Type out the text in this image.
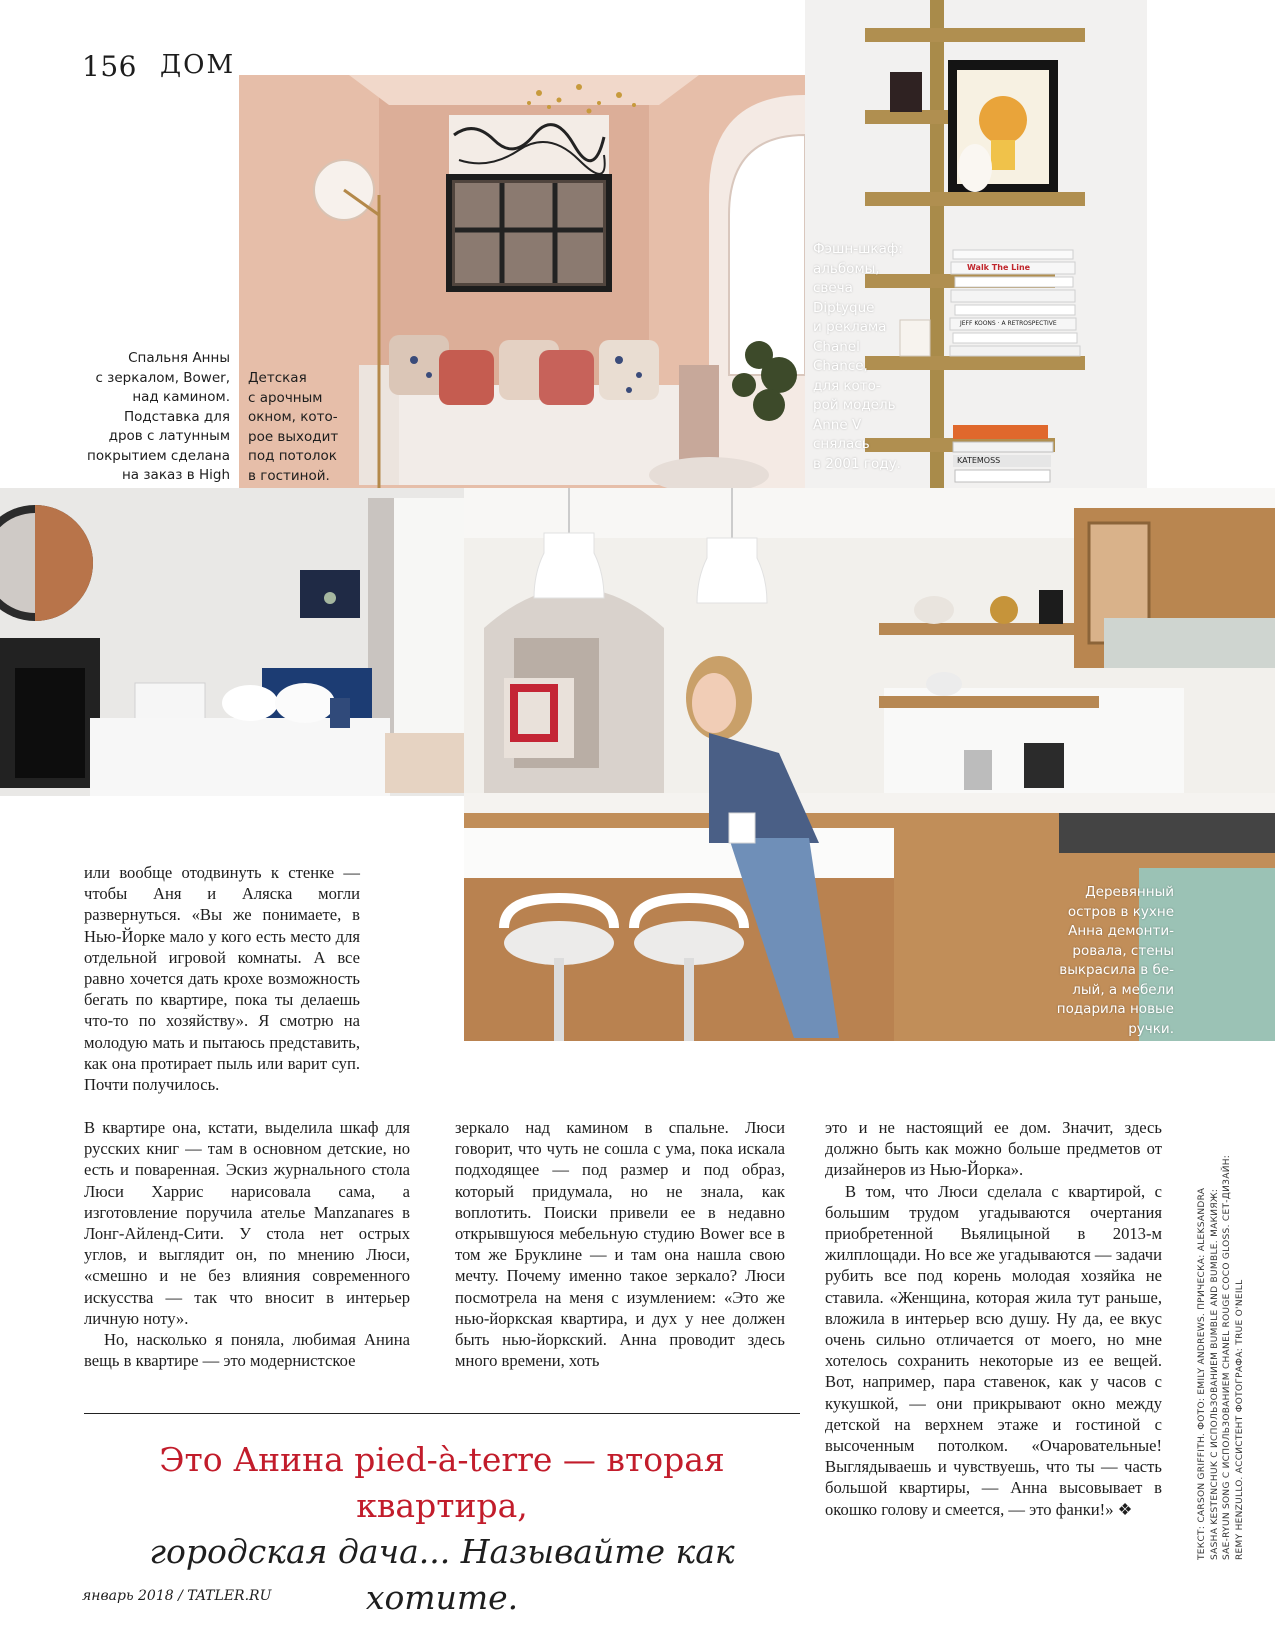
156 ДОМ
Спальня Анны
с зеркалом, Bower,
над камином.
Подставка для
дров с латунным
покрытием сделана
на заказ в High
Детская
с арочным
окном, кото-
рое выходит
под потолок
в гостиной.
Walk The Line
JEFF KOONS · A RETROSPECTIVE
KATEMOSS
Фэшн-шкаф:
альбомы,
свеча
Diptyque
и реклама
Chanel
Chance,
для кото-
рой модель
Anne V
снялась
в 2001 году.
Деревянный
остров в кухне
Анна демонти-
ровала, стены
выкрасила в бе-
лый, а мебели
подарила новые
ручки.

или вообще отодвинуть к стенке — чтобы Аня и Аляска могли развернуться. «Вы же понимаете, в Нью-Йорке мало у кого есть место для отдельной игровой комнаты. А все равно хочется дать крохе возможность бегать по квартире, пока ты делаешь что-то по хозяйству». Я смотрю на молодую мать и пытаюсь представить, как она протирает пыль или варит суп. Почти получилось.

В квартире она, кстати, выделила шкаф для русских книг — там в основном детские, но есть и поваренная. Эскиз журнального стола Люси Харрис нарисовала сама, а изготовление поручила ателье Manzanares в Лонг-Айленд-Сити. У стола нет острых углов, и выглядит он, по мнению Люси, «смешно и не без влияния современного искусства — так что вносит в интерьер личную ноту».

Но, насколько я поняла, любимая Анина вещь в квартире — это модернистское

зеркало над камином в спальне. Люси говорит, что чуть не сошла с ума, пока искала подходящее — под размер и под образ, который придумала, но не знала, как воплотить. Поиски привели ее в недавно открывшуюся мебельную студию Bower все в том же Бруклине — и там она нашла свою мечту. Почему именно такое зеркало? Люси посмотрела на меня с изумлением: «Это же нью-йоркская квартира, и дух у нее должен быть нью-йоркский. Анна проводит здесь много времени, хоть

это и не настоящий ее дом. Значит, здесь должно быть как можно больше предметов от дизайнеров из Нью-Йорка».

В том, что Люси сделала с квартирой, с большим трудом угадываются очертания приобретенной Вьялицыной в 2013-м жилплощади. Но все же угадываются — задачи рубить все под корень молодая хозяйка не ставила. «Женщина, которая жила тут раньше, вложила в интерьер всю душу. Ну да, ее вкус очень сильно отличается от моего, но мне хотелось сохранить некоторые из ее вещей. Вот, например, пара ставенок, как у часов с кукушкой, — они прикрывают окно между детской на верхнем этаже и гостиной с высоченным потолком. «Очаровательные! Выглядываешь и чувствуешь, что ты — часть большой квартиры, — Анна высовывает в окошко голову и смеется, — это фанки!» ❖

Это Анина pied-à-terre — вторая квартира,
городская дача... Называйте как хотите.
ТЕКСТ: CARSON GRIFFITH. ФОТО: EMILY ANDREWS. ПРИЧЕСКА: ALEKSANDRA SASHA KESTENCHUK С ИСПОЛЬЗОВАНИЕМ BUMBLE AND BUMBLE. МАКИЯЖ: SAE-RYUN SONG С ИСПОЛЬЗОВАНИЕМ CHANEL ROUGE COCO GLOSS. СЕТ-ДИЗАЙН: REMY HENZULLO. АССИСТЕНТ ФОТОГРАФА: TRUE O'NEILL
январь 2018 / TATLER.RU
